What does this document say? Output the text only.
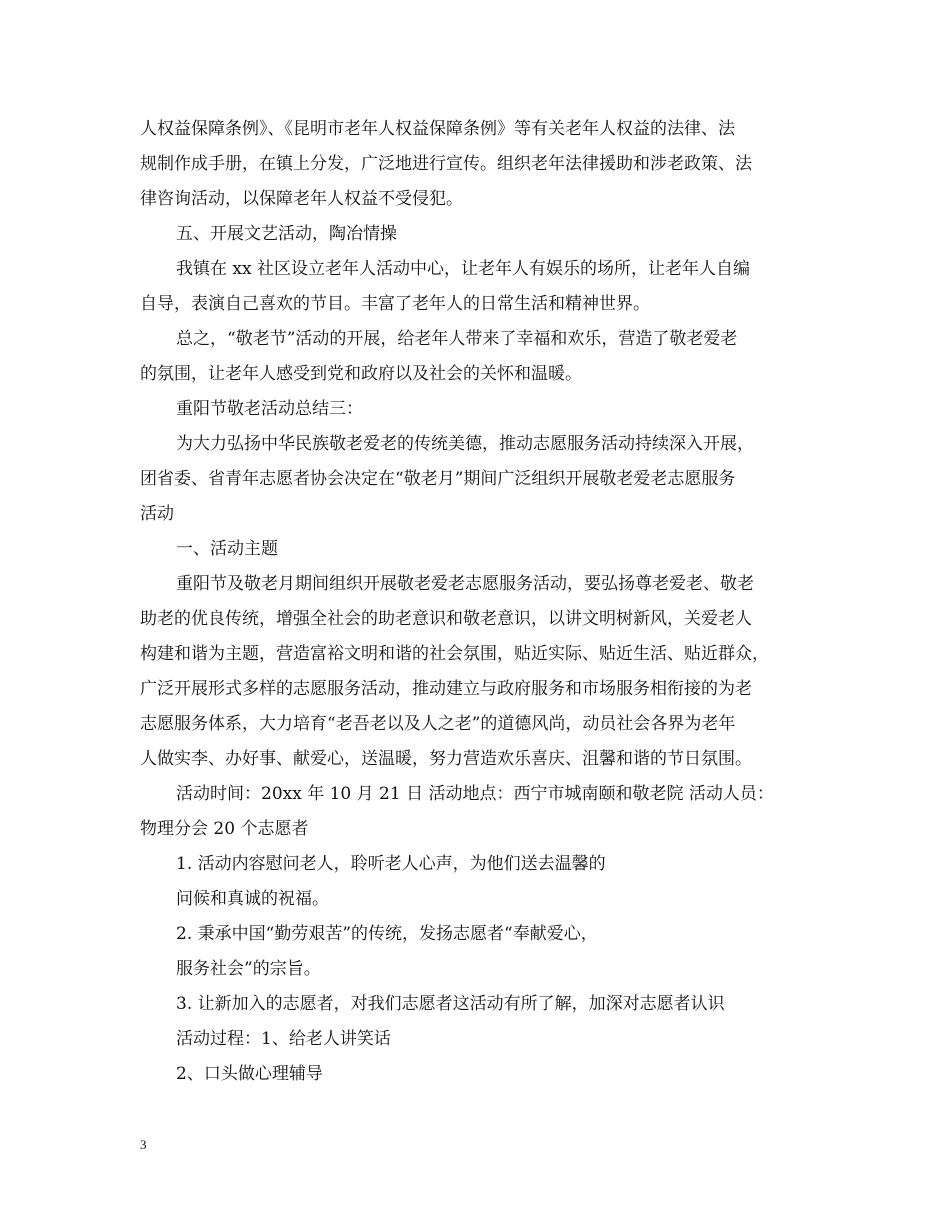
人权益保障条例》、《昆明市老年人权益保障条例》等有关老年人权益的法律、法
规制作成手册，在镇上分发，广泛地进行宣传。组织老年法律援助和涉老政策、法
律咨询活动，以保障老年人权益不受侵犯。
五、开展文艺活动，陶冶情操
我镇在 xx 社区设立老年人活动中心，让老年人有娱乐的场所，让老年人自编
自导，表演自己喜欢的节目。丰富了老年人的日常生活和精神世界。
总之，“敬老节”活动的开展，给老年人带来了幸福和欢乐，营造了敬老爱老
的氛围，让老年人感受到党和政府以及社会的关怀和温暖。
重阳节敬老活动总结三：
为大力弘扬中华民族敬老爱老的传统美德，推动志愿服务活动持续深入开展，
团省委、省青年志愿者协会决定在“敬老月”期间广泛组织开展敬老爱老志愿服务
活动
一、活动主题
重阳节及敬老月期间组织开展敬老爱老志愿服务活动，要弘扬尊老爱老、敬老
助老的优良传统，增强全社会的助老意识和敬老意识，以讲文明树新风，关爱老人
构建和谐为主题，营造富裕文明和谐的社会氛围，贴近实际、贴近生活、贴近群众，
广泛开展形式多样的志愿服务活动，推动建立与政府服务和市场服务相衔接的为老
志愿服务体系，大力培育“老吾老以及人之老”的道德风尚，动员社会各界为老年
人做实李、办好事、献爱心，送温暖，努力营造欢乐喜庆、沮馨和谐的节日氛围。
活动时间：20xx 年 10 月 21 日 活动地点：西宁市城南颐和敬老院 活动人员：
物理分会 20 个志愿者
1. 活动内容慰问老人，聆听老人心声，为他们送去温馨的
问候和真诚的祝福。
2. 秉承中国“勤劳艰苦”的传统，发扬志愿者“奉献爱心，
服务社会”的宗旨。
3. 让新加入的志愿者，对我们志愿者这活动有所了解，加深对志愿者认识
活动过程：1、给老人讲笑话
2、口头做心理辅导
3
